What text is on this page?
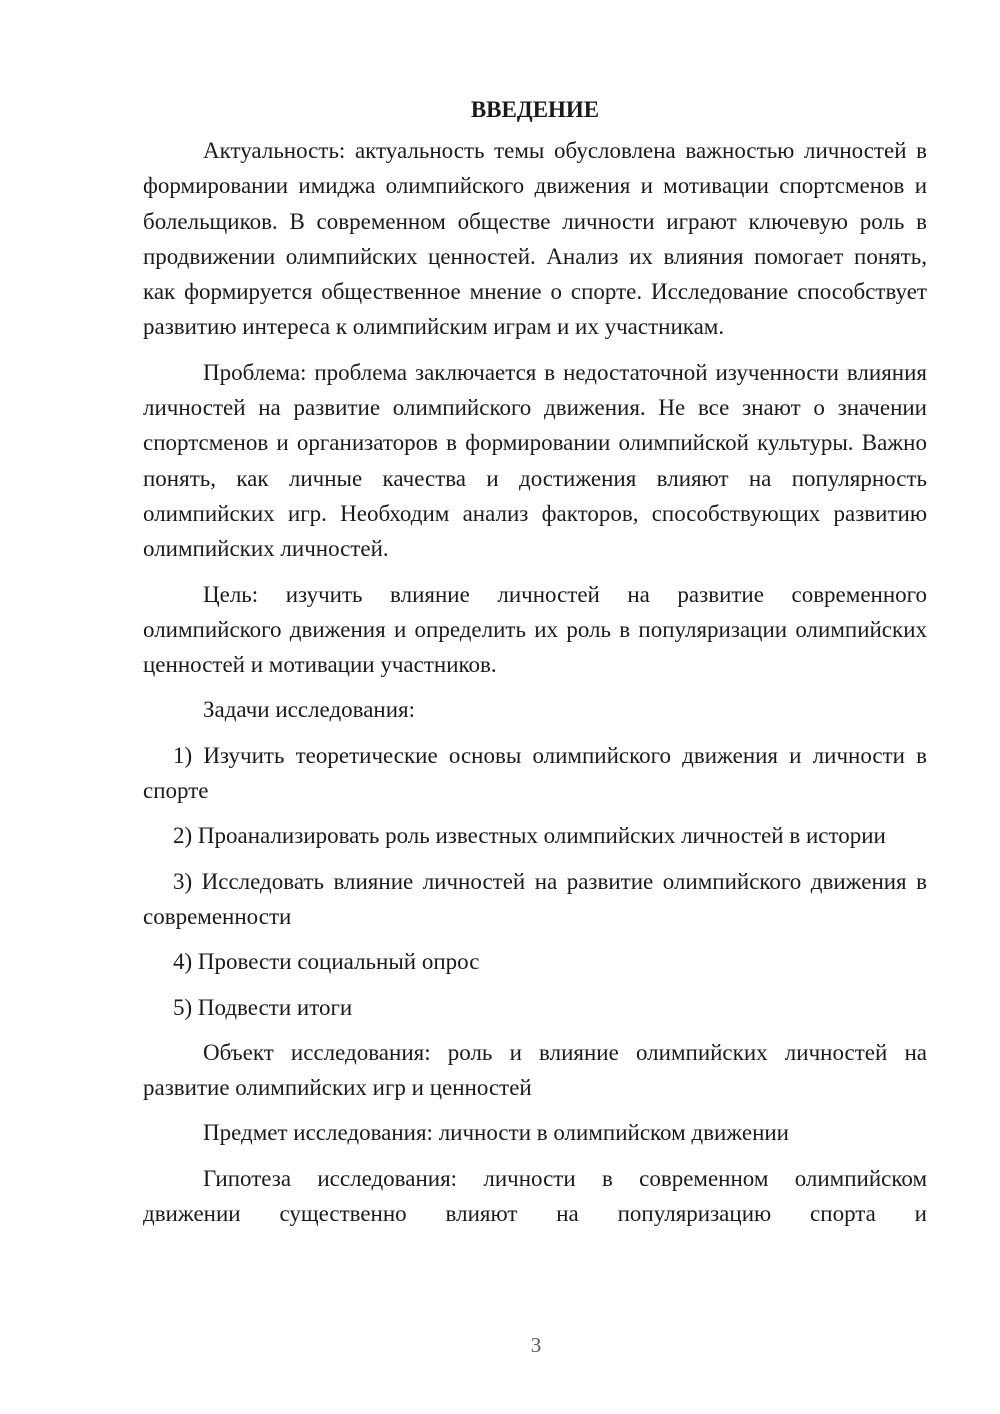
ВВЕДЕНИЕ

Актуальность: актуальность темы обусловлена важностью личностей в формировании имиджа олимпийского движения и мотивации спортсменов и болельщиков. В современном обществе личности играют ключевую роль в продвижении олимпийских ценностей. Анализ их влияния помогает понять, как формируется общественное мнение о спорте. Исследование способствует развитию интереса к олимпийским играм и их участникам.

Проблема: проблема заключается в недостаточной изученности влияния личностей на развитие олимпийского движения. Не все знают о значении спортсменов и организаторов в формировании олимпийской культуры. Важно понять, как личные качества и достижения влияют на популярность олимпийских игр. Необходим анализ факторов, способствующих развитию олимпийских личностей.

Цель: изучить влияние личностей на развитие современного олимпийского движения и определить их роль в популяризации олимпийских ценностей и мотивации участников.

Задачи исследования:

1) Изучить теоретические основы олимпийского движения и личности в спорте

2) Проанализировать роль известных олимпийских личностей в истории

3) Исследовать влияние личностей на развитие олимпийского движения в современности

4) Провести социальный опрос

5) Подвести итоги

Объект исследования: роль и влияние олимпийских личностей на развитие олимпийских игр и ценностей

Предмет исследования: личности в олимпийском движении

Гипотеза исследования: личности в современном олимпийском движении существенно влияют на популяризацию спорта и

3
